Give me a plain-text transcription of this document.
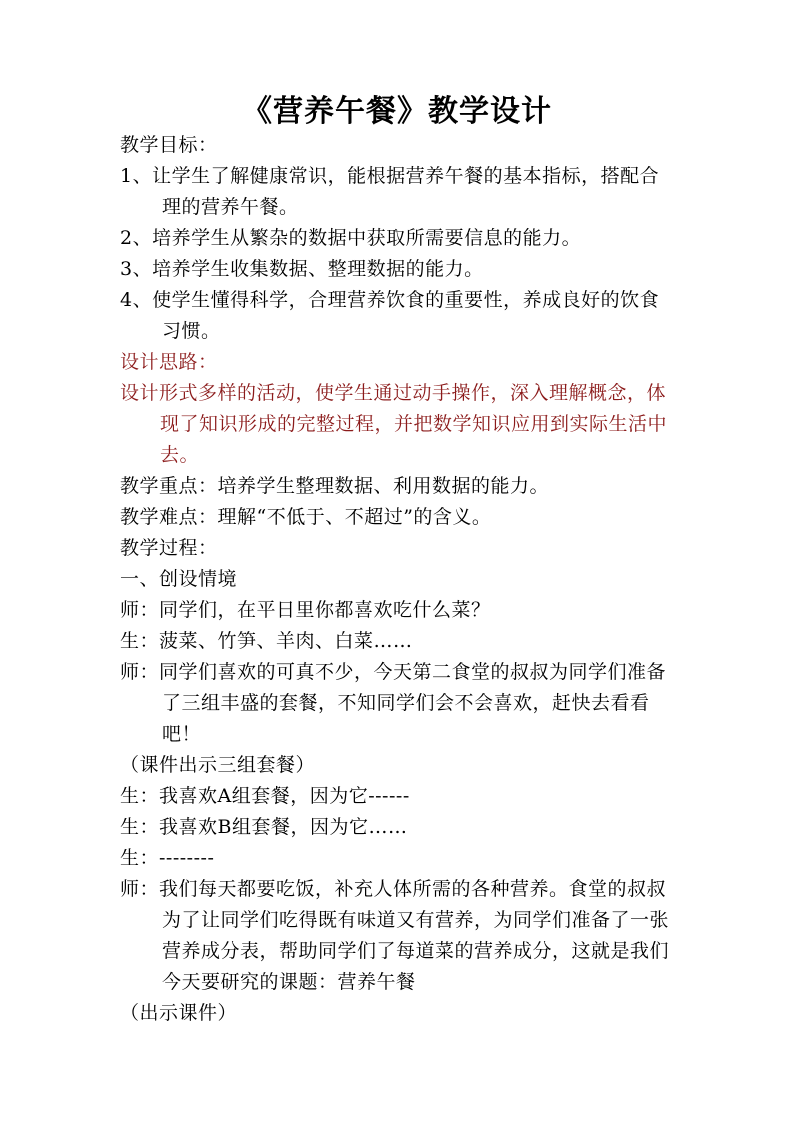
《营养午餐》教学设计

教学目标：

1、让学生了解健康常识，能根据营养午餐的基本指标，搭配合理的营养午餐。

2、培养学生从繁杂的数据中获取所需要信息的能力。

3、培养学生收集数据、整理数据的能力。

4、使学生懂得科学，合理营养饮食的重要性，养成良好的饮食习惯。

设计思路：

设计形式多样的活动，使学生通过动手操作，深入理解概念，体现了知识形成的完整过程，并把数学知识应用到实际生活中去。

教学重点：培养学生整理数据、利用数据的能力。

教学难点：理解“不低于、不超过”的含义。

教学过程：

一、创设情境

师：同学们，在平日里你都喜欢吃什么菜？

生：菠菜、竹笋、羊肉、白菜……

师：同学们喜欢的可真不少，今天第二食堂的叔叔为同学们准备了三组丰盛的套餐，不知同学们会不会喜欢，赶快去看看吧！

（课件出示三组套餐）

生：我喜欢A组套餐，因为它------

生：我喜欢B组套餐，因为它……

生：--------

师：我们每天都要吃饭，补充人体所需的各种营养。食堂的叔叔为了让同学们吃得既有味道又有营养，为同学们准备了一张营养成分表，帮助同学们了每道菜的营养成分，这就是我们今天要研究的课题：营养午餐

（出示课件）
